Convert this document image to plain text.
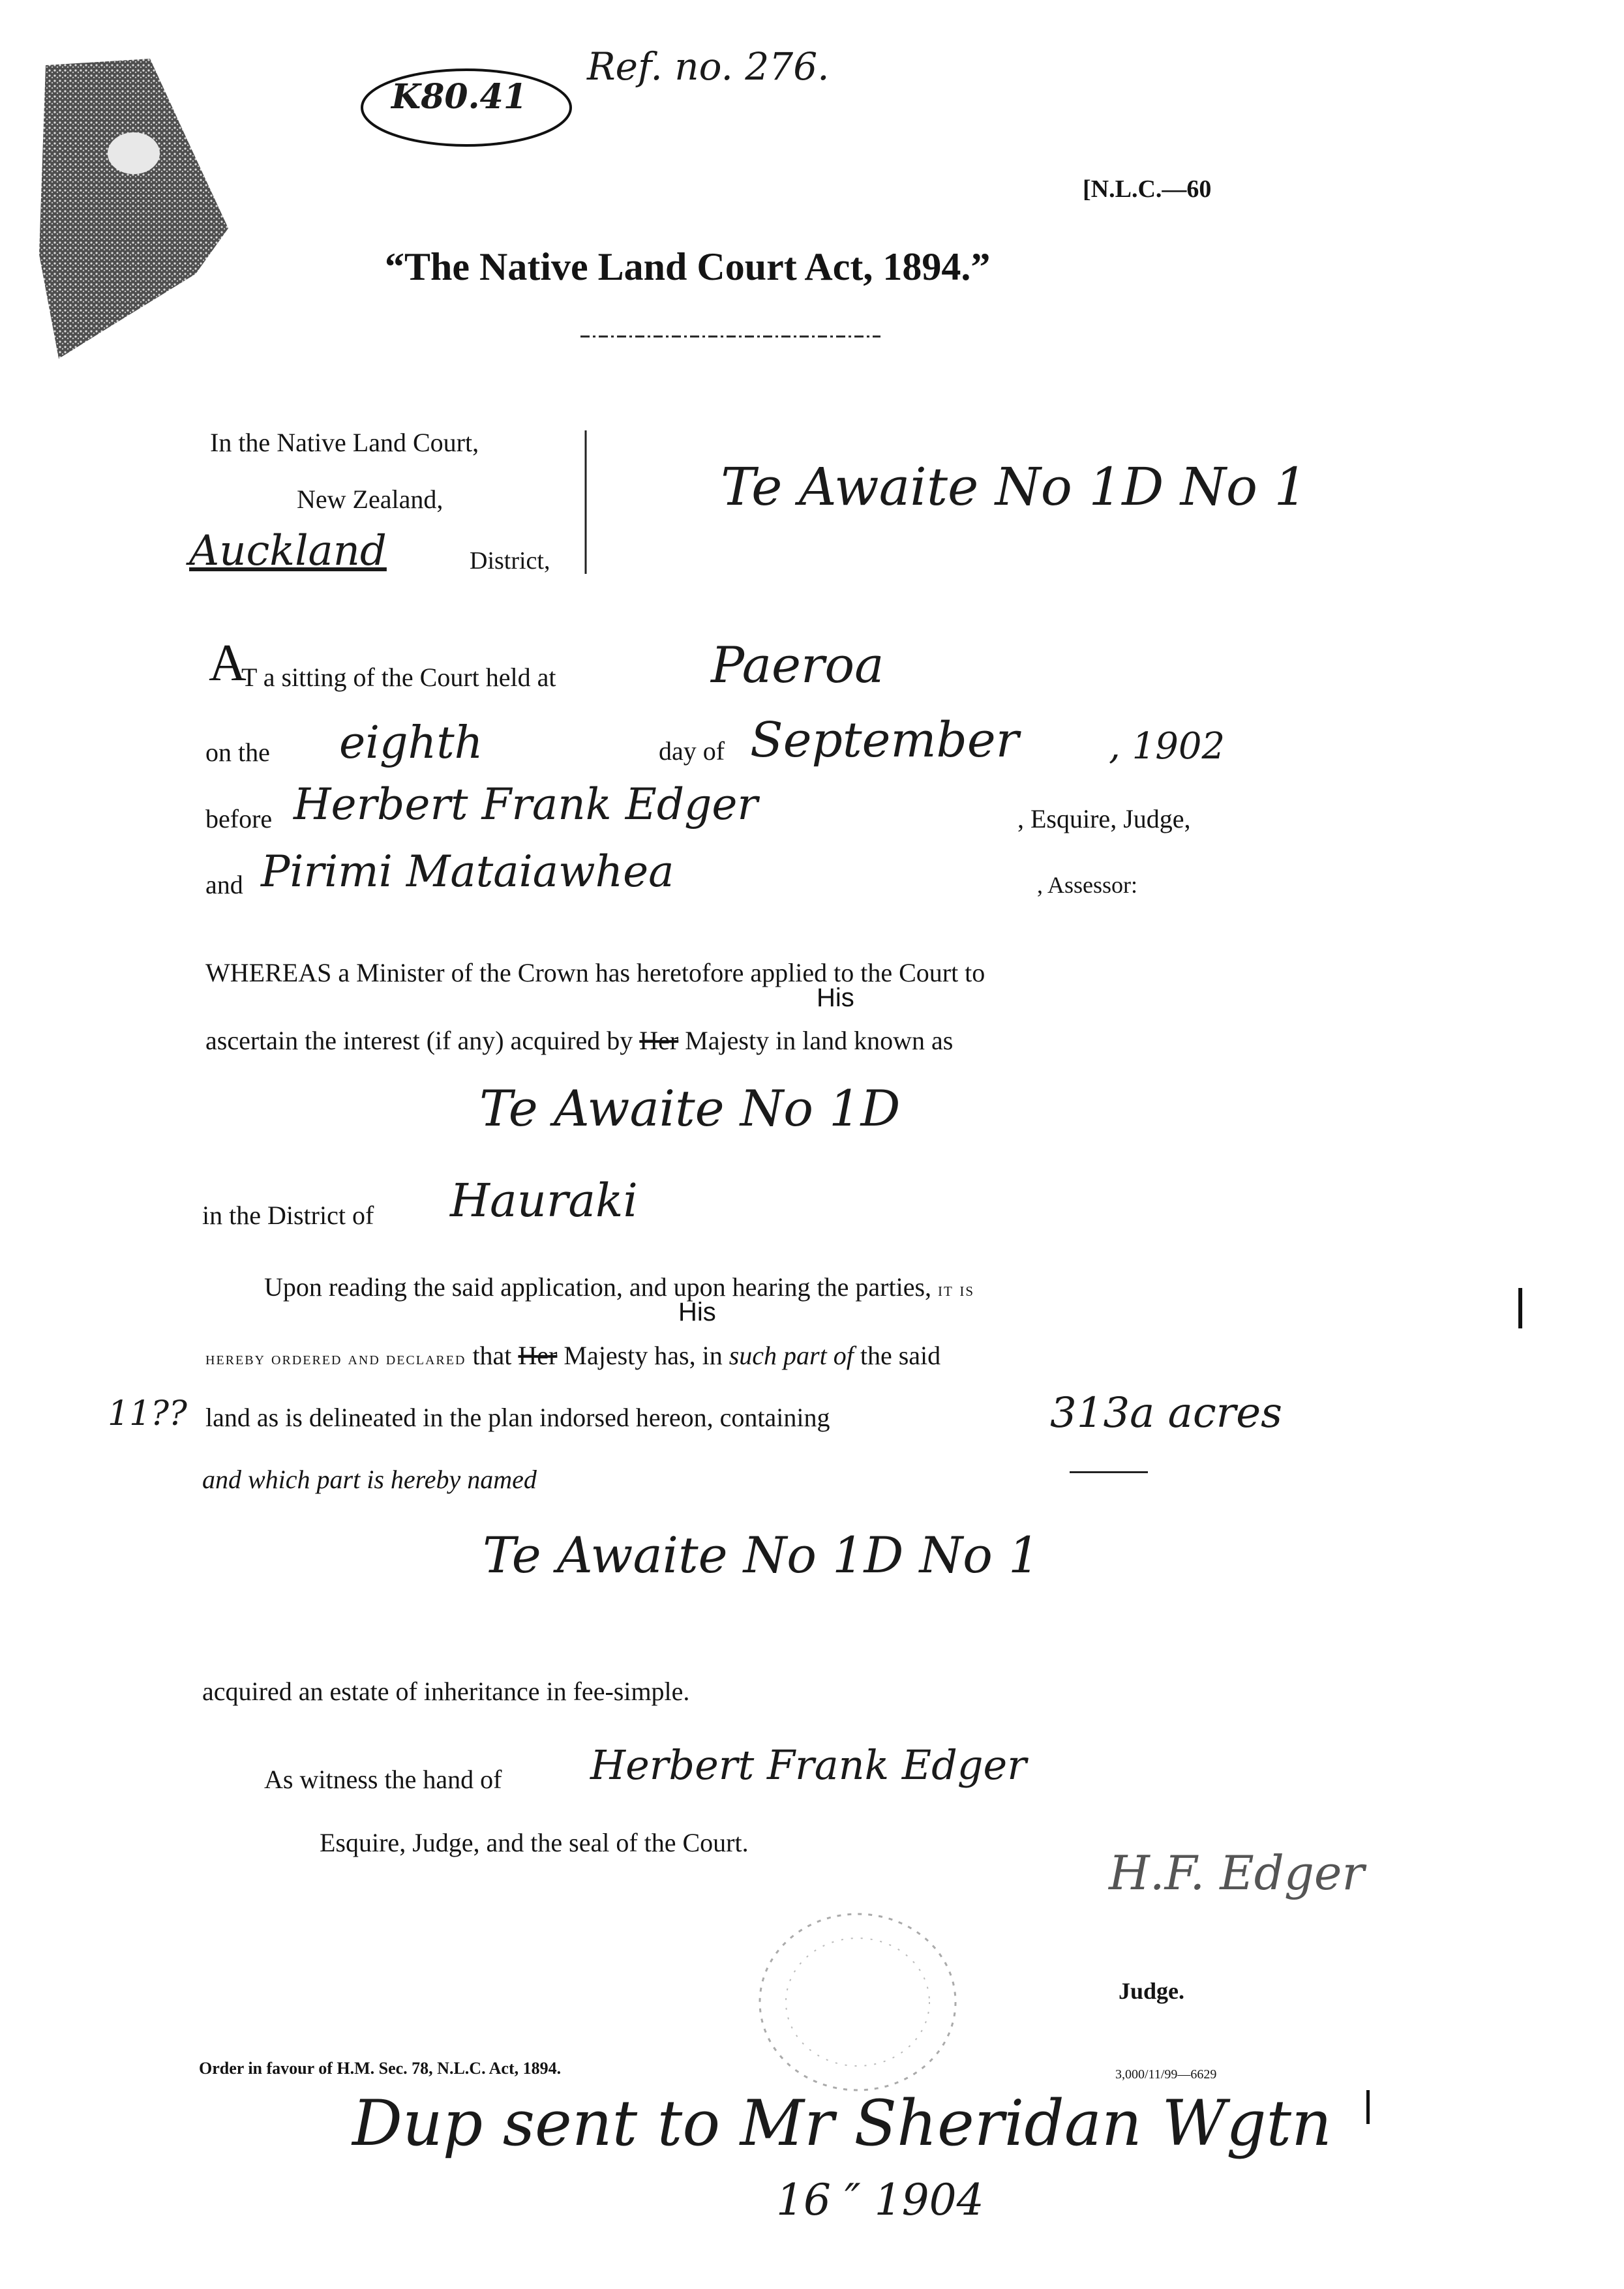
K80.41
Ref. no. 276.
[N.L.C.—60
“The Native Land Court Act, 1894.”
In the Native Land Court,
New Zealand,
Auckland	District,
Te Awaite No 1D No 1
A
T a sitting of the Court held at	Paeroa
on the eighth	day of September , 1902
before Herbert Frank Edger	, Esquire, Judge,
and Pirimi Mataiawhea	, Assessor:
WHEREAS a Minister of the Crown has heretofore applied to the Court to
His
ascertain the interest (if any) acquired by Her Majesty in land known as
Te Awaite No 1D
in the District of Hauraki
Upon reading the said application, and upon hearing the parties, it is
His
hereby ordered and declared that Her Majesty has, in such part of the said
11?? land as is delineated in the plan indorsed hereon, containing	313a acres
and which part is hereby named
Te Awaite No 1D No 1
acquired an estate of inheritance in fee-simple.
As witness the hand of Herbert Frank Edger
Esquire, Judge, and the seal of the Court.
H.F. Edger
Judge.
Order in favour of H.M. Sec. 78, N.L.C. Act, 1894.	3,000/11/99—6629
Dup sent to Mr Sheridan Wgtn
16 ″ 1904
